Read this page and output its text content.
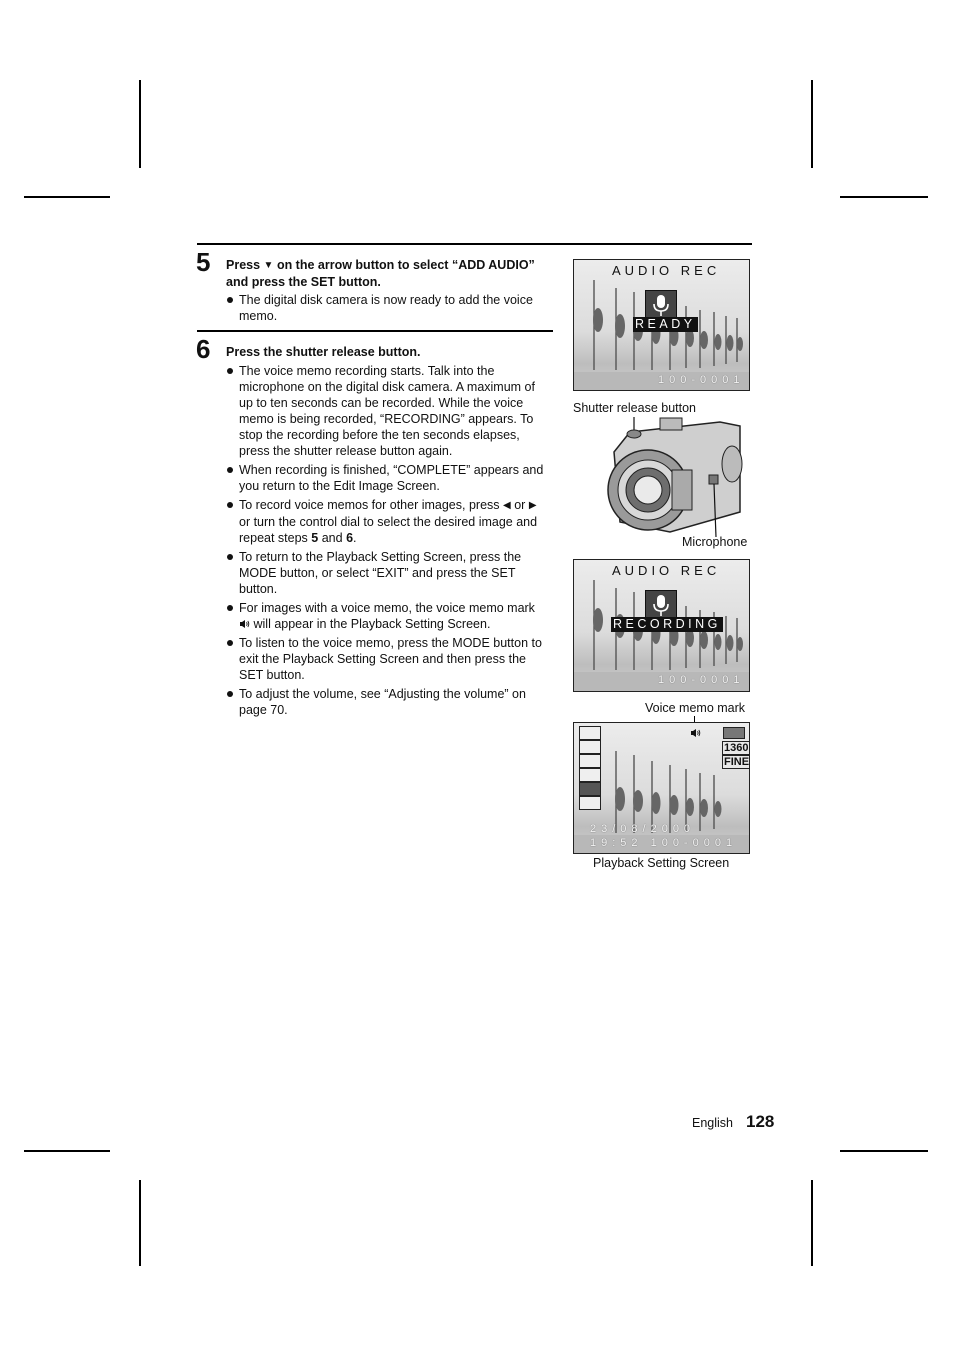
5 Press ▼ on the arrow button to select “ADD AUDIO” and press the SET button.
The digital disk camera is now ready to add the voice memo.
6 Press the shutter release button.
The voice memo recording starts. Talk into the microphone on the digital disk camera. A maximum of up to ten seconds can be recorded. While the voice memo is being recorded, “RECORDING” appears. To stop the recording before the ten seconds elapses, press the shutter release button again.
When recording is finished, “COMPLETE” appears and you return to the Edit Image Screen.
To record voice memos for other images, press ◀ or ▶ or turn the control dial to select the desired image and repeat steps 5 and 6.
To return to the Playback Setting Screen, press the MODE button, or select “EXIT” and press the SET button.
For images with a voice memo, the voice memo mark
will appear in the Playback Setting Screen.
To listen to the voice memo, press the MODE button to exit the Playback Setting Screen and then press the SET button.
To adjust the volume, see “Adjusting the volume” on page 70.
AUDIO REC
READY
100-0001
Shutter release button
Microphone
AUDIO REC
RECORDING
100-0001
Voice memo mark
1360
FINE
23/08/2000
19:52 100-0001
Playback Setting Screen
English 128
